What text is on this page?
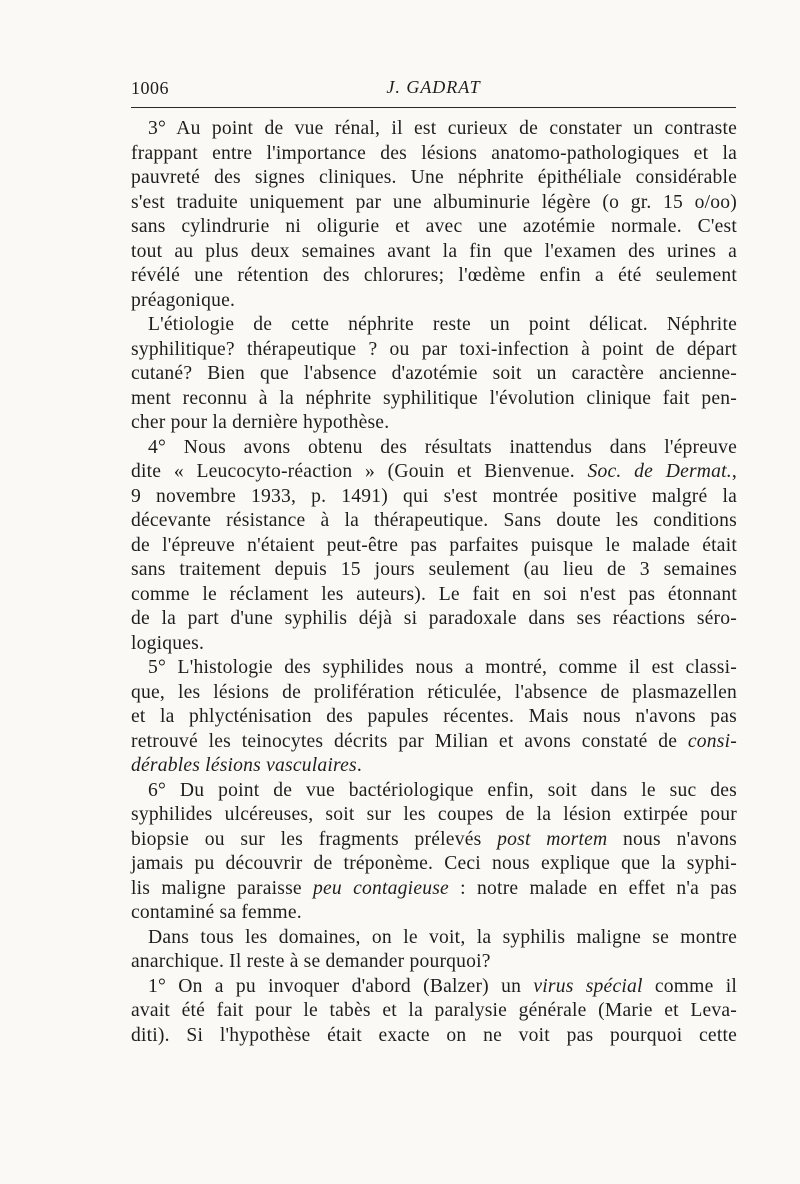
1006	J. GADRAT
3° Au point de vue rénal, il est curieux de constater un contraste
frappant entre l'importance des lésions anatomo-pathologiques et la
pauvreté des signes cliniques. Une néphrite épithéliale considérable
s'est traduite uniquement par une albuminurie légère (o gr. 15 o/oo)
sans cylindrurie ni oligurie et avec une azotémie normale. C'est
tout au plus deux semaines avant la fin que l'examen des urines a
révélé une rétention des chlorures; l'œdème enfin a été seulement
préagonique.
L'étiologie de cette néphrite reste un point délicat. Néphrite
syphilitique? thérapeutique ? ou par toxi-infection à point de départ
cutané? Bien que l'absence d'azotémie soit un caractère ancienne-
ment reconnu à la néphrite syphilitique l'évolution clinique fait pen-
cher pour la dernière hypothèse.
4° Nous avons obtenu des résultats inattendus dans l'épreuve
dite « Leucocyto-réaction » (Gouin et Bienvenue. Soc. de Dermat.,
9 novembre 1933, p. 1491) qui s'est montrée positive malgré la
décevante résistance à la thérapeutique. Sans doute les conditions
de l'épreuve n'étaient peut-être pas parfaites puisque le malade était
sans traitement depuis 15 jours seulement (au lieu de 3 semaines
comme le réclament les auteurs). Le fait en soi n'est pas étonnant
de la part d'une syphilis déjà si paradoxale dans ses réactions séro-
logiques.
5° L'histologie des syphilides nous a montré, comme il est classi-
que, les lésions de prolifération réticulée, l'absence de plasmazellen
et la phlycténisation des papules récentes. Mais nous n'avons pas
retrouvé les teinocytes décrits par Milian et avons constaté de consi-
dérables lésions vasculaires.
6° Du point de vue bactériologique enfin, soit dans le suc des
syphilides ulcéreuses, soit sur les coupes de la lésion extirpée pour
biopsie ou sur les fragments prélevés post mortem nous n'avons
jamais pu découvrir de tréponème. Ceci nous explique que la syphi-
lis maligne paraisse peu contagieuse : notre malade en effet n'a pas
contaminé sa femme.
Dans tous les domaines, on le voit, la syphilis maligne se montre
anarchique. Il reste à se demander pourquoi?
1° On a pu invoquer d'abord (Balzer) un virus spécial comme il
avait été fait pour le tabès et la paralysie générale (Marie et Leva-
diti). Si l'hypothèse était exacte on ne voit pas pourquoi cette
